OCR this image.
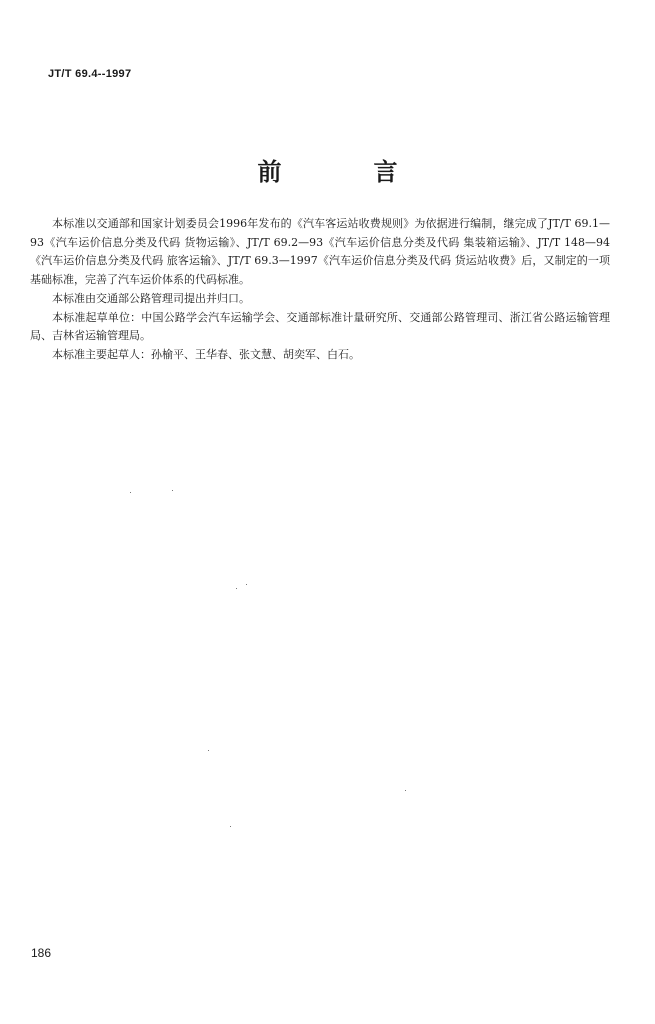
JT/T 69.4--1997
前言

本标准以交通部和国家计划委员会1996年发布的《汽车客运站收费规则》为依据进行编制，继完成了JT/T 69.1—93《汽车运价信息分类及代码 货物运输》、JT/T 69.2—93《汽车运价信息分类及代码 集装箱运输》、JT/T 148—94《汽车运价信息分类及代码 旅客运输》、JT/T 69.3—1997《汽车运价信息分类及代码 货运站收费》后，又制定的一项基础标准，完善了汽车运价体系的代码标准。

本标准由交通部公路管理司提出并归口。

本标准起草单位：中国公路学会汽车运输学会、交通部标准计量研究所、交通部公路管理司、浙江省公路运输管理局、吉林省运输管理局。

本标准主要起草人：孙榆平、王华春、张文慧、胡奕军、白石。

186
